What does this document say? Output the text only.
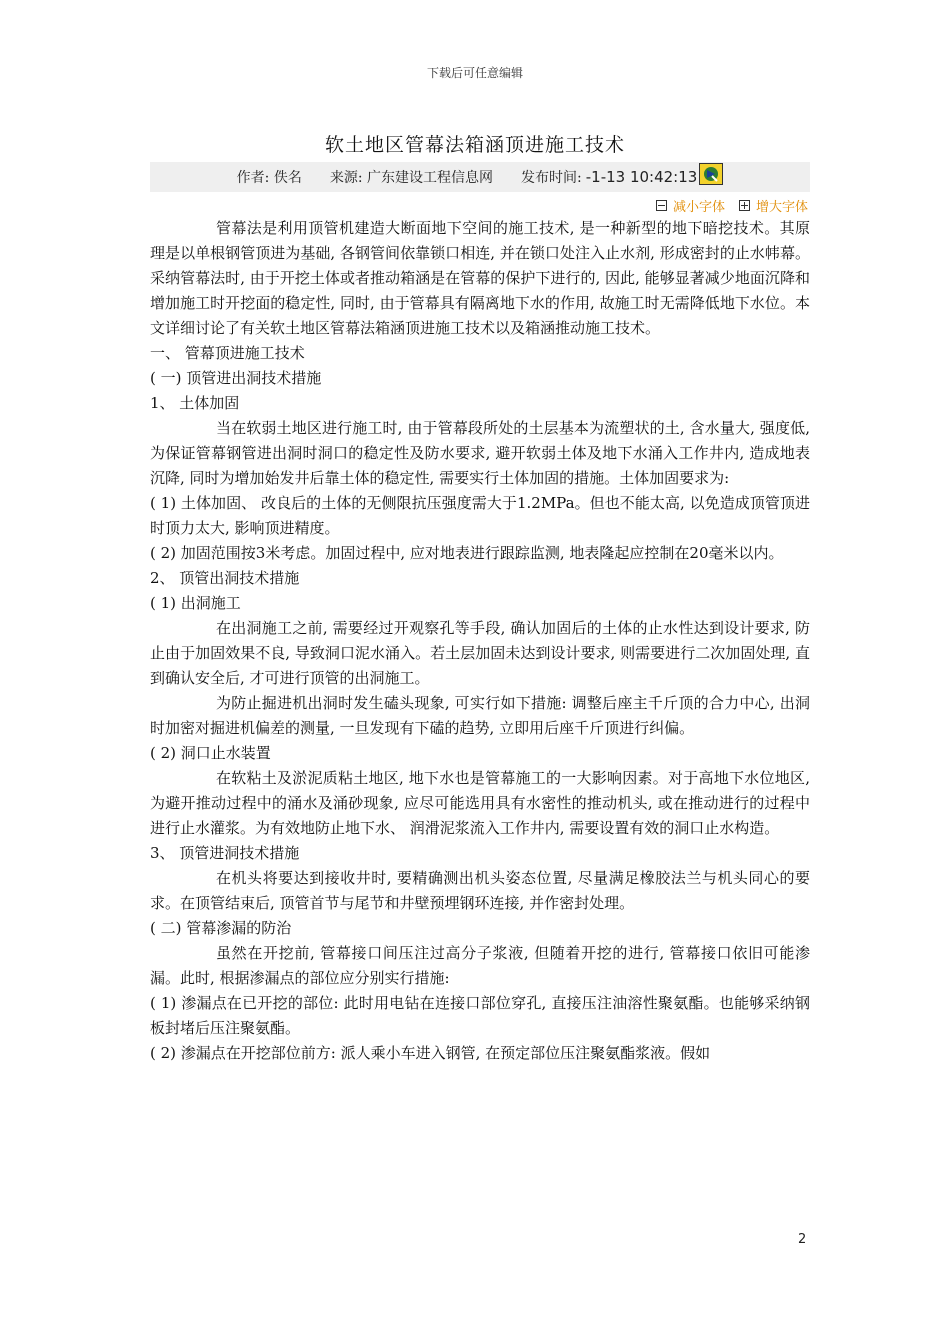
下载后可任意编辑
软土地区管幕法箱涵顶进施工技术
作者: 佚名 来源: 广东建设工程信息网 发布时间: -1-13 10:42:13

减小字体 增大字体

管幕法是利用顶管机建造大断面地下空间的施工技术, 是一种新型的地下暗挖技术。其原理是以单根钢管顶进为基础, 各钢管间依靠锁口相连, 并在锁口处注入止水剂, 形成密封的止水帏幕。采纳管幕法时, 由于开挖土体或者推动箱涵是在管幕的保护下进行的, 因此, 能够显著减少地面沉降和增加施工时开挖面的稳定性, 同时, 由于管幕具有隔离地下水的作用, 故施工时无需降低地下水位。本文详细讨论了有关软土地区管幕法箱涵顶进施工技术以及箱涵推动施工技术。

一、 管幕顶进施工技术

( 一) 顶管进出洞技术措施

1、 土体加固

当在软弱土地区进行施工时, 由于管幕段所处的土层基本为流塑状的土, 含水量大, 强度低, 为保证管幕钢管进出洞时洞口的稳定性及防水要求, 避开软弱土体及地下水涌入工作井内, 造成地表沉降, 同时为增加始发井后靠土体的稳定性, 需要实行土体加固的措施。土体加固要求为:

( 1) 土体加固、 改良后的土体的无侧限抗压强度需大于1.2MPa。但也不能太高, 以免造成顶管顶进时顶力太大, 影响顶进精度。

( 2) 加固范围按3米考虑。加固过程中, 应对地表进行跟踪监测, 地表隆起应控制在20毫米以内。

2、 顶管出洞技术措施

( 1) 出洞施工

在出洞施工之前, 需要经过开观察孔等手段, 确认加固后的土体的止水性达到设计要求, 防止由于加固效果不良, 导致洞口泥水涌入。若土层加固未达到设计要求, 则需要进行二次加固处理, 直到确认安全后, 才可进行顶管的出洞施工。

为防止掘进机出洞时发生磕头现象, 可实行如下措施: 调整后座主千斤顶的合力中心, 出洞时加密对掘进机偏差的测量, 一旦发现有下磕的趋势, 立即用后座千斤顶进行纠偏。

( 2) 洞口止水装置

在软粘土及淤泥质粘土地区, 地下水也是管幕施工的一大影响因素。对于高地下水位地区, 为避开推动过程中的涌水及涌砂现象, 应尽可能选用具有水密性的推动机头, 或在推动进行的过程中进行止水灌浆。为有效地防止地下水、 润滑泥浆流入工作井内, 需要设置有效的洞口止水构造。

3、 顶管进洞技术措施

在机头将要达到接收井时, 要精确测出机头姿态位置, 尽量满足橡胶法兰与机头同心的要求。在顶管结束后, 顶管首节与尾节和井壁预埋钢环连接, 并作密封处理。

( 二) 管幕渗漏的防治

虽然在开挖前, 管幕接口间压注过高分子浆液, 但随着开挖的进行, 管幕接口依旧可能渗漏。此时, 根据渗漏点的部位应分别实行措施:

( 1) 渗漏点在已开挖的部位: 此时用电钻在连接口部位穿孔, 直接压注油溶性聚氨酯。也能够采纳钢板封堵后压注聚氨酯。

( 2) 渗漏点在开挖部位前方: 派人乘小车进入钢管, 在预定部位压注聚氨酯浆液。假如

2
